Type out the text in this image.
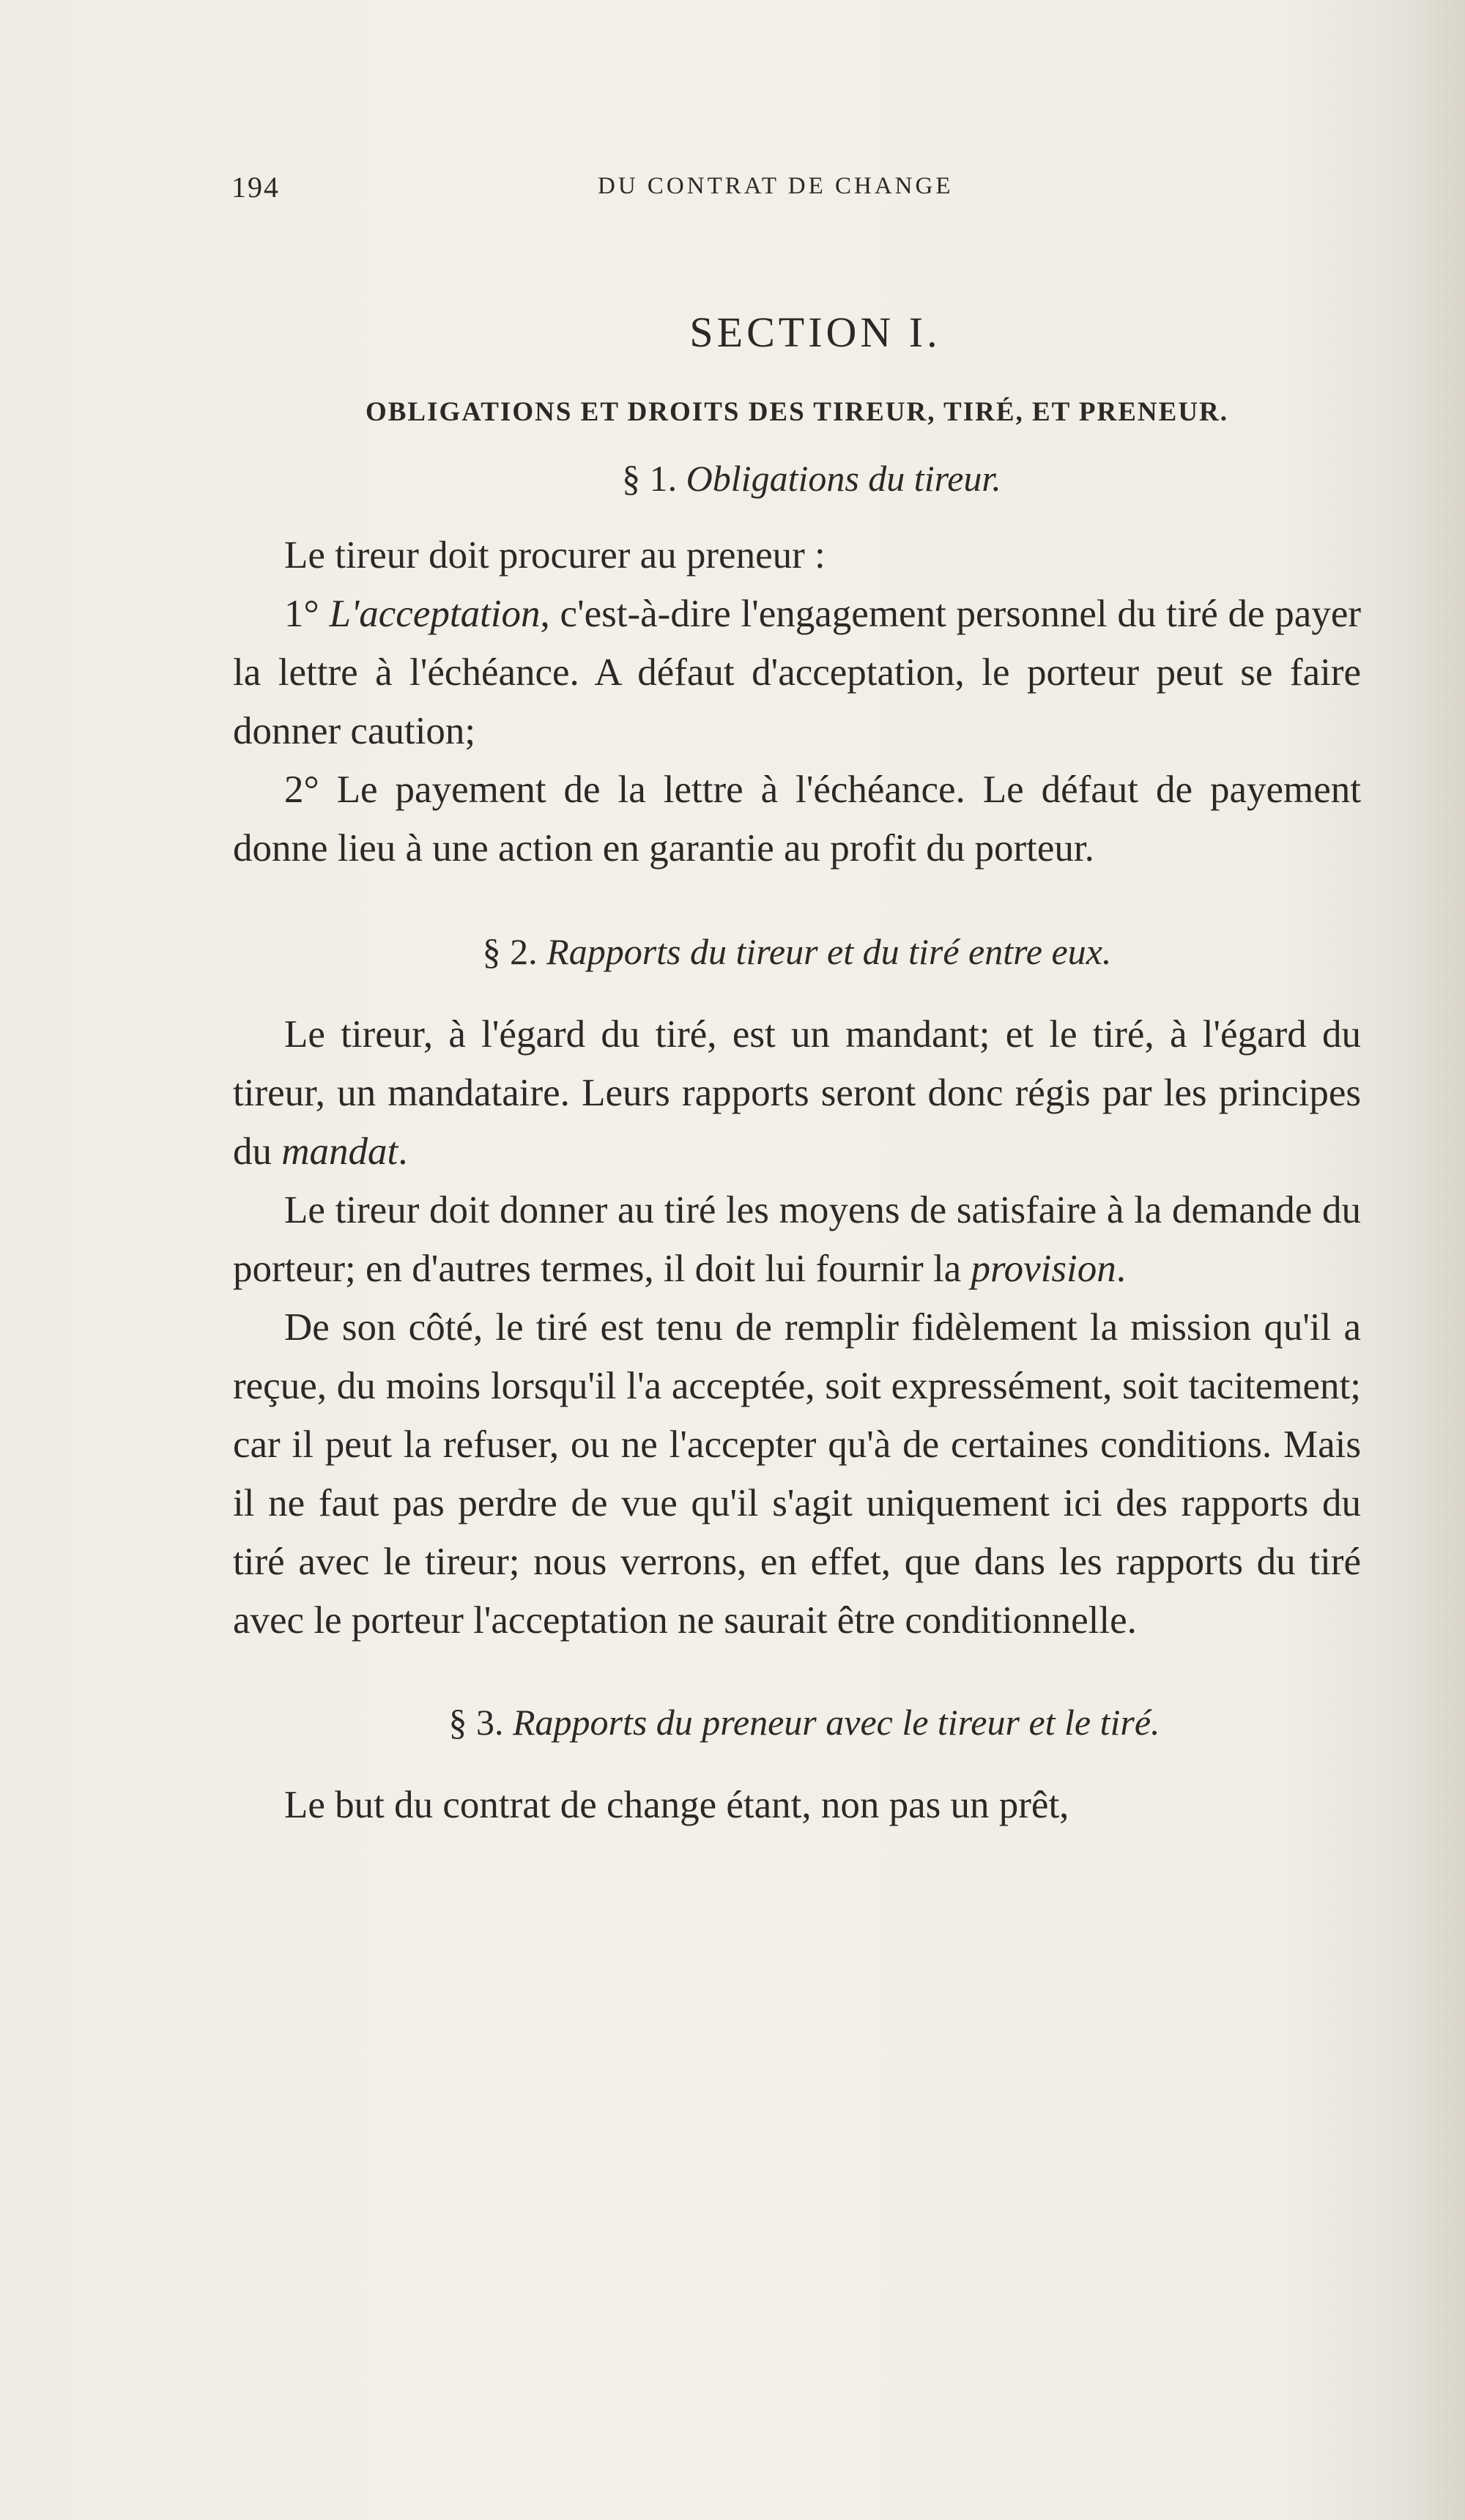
194	DU CONTRAT DE CHANGE
SECTION I.
OBLIGATIONS ET DROITS DES TIREUR, TIRÉ, ET PRENEUR.
§ 1. Obligations du tireur.

Le tireur doit procurer au preneur :

1° L'acceptation, c'est-à-dire l'engagement personnel du tiré de payer la lettre à l'échéance. A défaut d'acceptation, le porteur peut se faire donner caution;

2° Le payement de la lettre à l'échéance. Le défaut de payement donne lieu à une action en garantie au profit du porteur.

§ 2. Rapports du tireur et du tiré entre eux.

Le tireur, à l'égard du tiré, est un mandant; et le tiré, à l'égard du tireur, un mandataire. Leurs rapports seront donc régis par les principes du mandat.

Le tireur doit donner au tiré les moyens de satisfaire à la demande du porteur; en d'autres termes, il doit lui fournir la provision.

De son côté, le tiré est tenu de remplir fidèlement la mission qu'il a reçue, du moins lorsqu'il l'a acceptée, soit expressément, soit tacitement; car il peut la refuser, ou ne l'accepter qu'à de certaines conditions. Mais il ne faut pas perdre de vue qu'il s'agit uniquement ici des rapports du tiré avec le tireur; nous verrons, en effet, que dans les rapports du tiré avec le porteur l'acceptation ne saurait être conditionnelle.

§ 3. Rapports du preneur avec le tireur et le tiré.

Le but du contrat de change étant, non pas un prêt,
